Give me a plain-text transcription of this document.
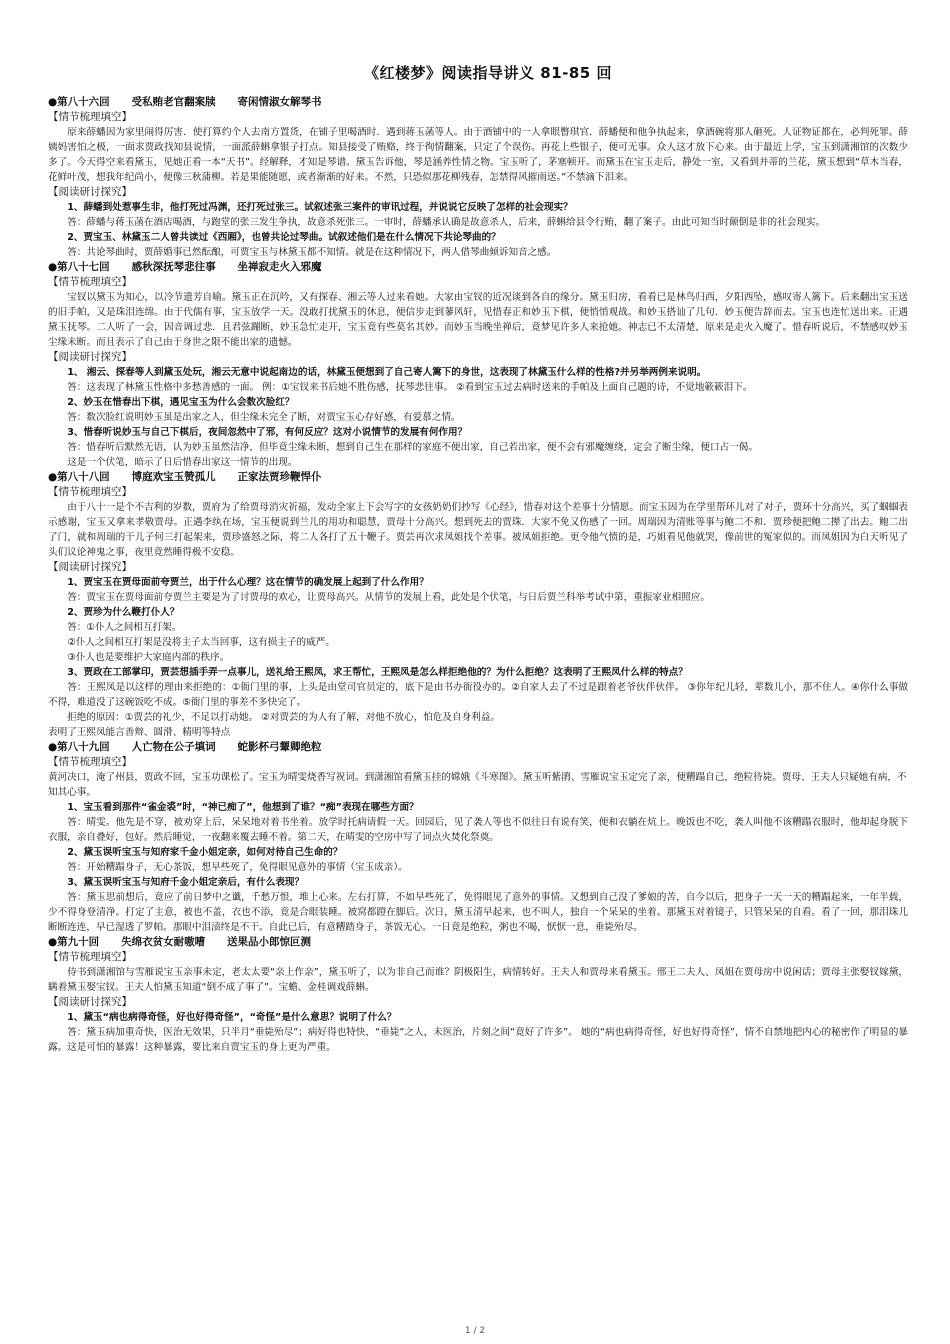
《红楼梦》阅读指导讲义 81-85 回
●第八十六回      受私贿老官翻案牍      寄闲情淑女解琴书
【情节梳理填空】
原来薛蟠因为家里闹得厉害．使打算约个人去南方置货，在铺子里喝酒时．遇到蒋玉菡等人。由于酒铺中的一人拿眼瞥琪官．薛蟠便和他争执起来，拿酒碗将那人砸死。人证物证都在，必判死罪。薛姨妈害怕之极，一面求贾政找知县说情，一面派薛蝌拿银子打点。知县接受了贿赂，终于徇情翻案，只定了个误伤。再花上些银子，便可无事。众人这才放下心来。由于最近上学，宝玉到潇湘馆的次数少多了。今天得空来看黛玉，见她正看一本“天书”。经解释，才知是琴谱。黛玉告诉他，琴是涵养性情之物。宝玉听了，茅塞顿开。而黛玉在宝玉走后，静处一室，又看到并蒂的兰花，黛玉想到“草木当春，花鲜叶茂，想我年纪尚小，便像三秋蒲柳。若是果能随愿，或者渐渐的好来。不然，只恐似那花柳残春，怎禁得风摧雨送。”不禁滴下泪来。
【阅读研讨探究】
1、薛蟠到处惹事生非，他打死过冯渊，还打死过张三。试叙述张三案件的审讯过程，并说说它反映了怎样的社会现实？
答：薛蟠与蒋玉菡在酒店喝酒，与跑堂的张三发生争执，故意杀死张三。一审时，薛蟠承认确是故意杀人，后来，薛蝌给县令行贿，翻了案子。由此可知当时颠倒是非的社会现实。
2、贾宝玉、林黛玉二人曾共读过《西厢》，也曾共论过琴曲。试叙述他们是在什么情况下共论琴曲的？
答：共论琴曲时，贾薛婚事已然酝酿，可贾宝玉与林黛玉都不知情。就是在这种情况下，两人借琴曲倾诉知音之感。
●第八十七回      感秋深抚琴悲往事      坐禅寂走火入邪魔
【情节梳理填空】
宝钗以黛玉为知心，以冷节遗芳自喻。黛玉正在沉吟，又有探春、湘云等人过来看她。大家由宝钗的近况谈到各自的缘分。黛玉归房，看看已是林鸟归西，夕阳西坠，感叹寄人篱下。后来翻出宝玉送的旧手帕，又是珠泪连绵。由于代儒有事，宝玉放学一天。没敢打扰黛玉的休息，便信步走到蓼风轩，见惜春正和妙玉下棋，便悄悄观战。和妙玉搭讪了几句．妙玉便告辞而去。宝玉也连忙送出来。正遇黛玉抚琴。二人听了一会，因音调过悲．且君弦蹦断，妙玉急忙走开，宝玉竟有些莫名其妙。而妙玉当晚坐禅后，竟梦见许多人来抢她。神志已不太清楚，原来是走火入魔了。惜春听说后，不禁感叹妙玉尘缘未断。而且表示了自己由于身世之限不能出家的遗憾。
【阅读研讨探究】
1、 湘云、探春等人到黛玉处玩，湘云无意中说起南边的话，林黛玉便想到了自己寄人篱下的身世，这表现了林黛玉什么样的性格?并另举两例来说明。
答：这表现了林黛玉性格中多愁善感的一面。 例：①宝钗来书后她不胜伤感，抚琴悲往事。 ②看到宝玉过去病时送来的手帕及上面自己题的诗，不觉地簌簌泪下。
2、妙玉在惜春出下棋，遇见宝玉为什么会数次脸红？
答：数次脸红说明妙玉虽是出家之人，但尘缘未完全了断，对贾宝玉心存好感，有爱慕之情。
3、惜春听说妙玉与自己下棋后，夜间忽然中了邪，有何反应？这对小说情节的发展有何作用？
答：惜春听后默然无语，认为妙玉虽然洁净，但毕竟尘缘未断，想到自己生在那样的家庭不便出家，自己若出家，便不会有邪魔缠绕，定会了断尘缘，便口占一偈。
这是一个伏笔，暗示了日后惜春出家这一情节的出现。
●第八十八回      博庭欢宝玉赞孤儿      正家法贾珍鞭悍仆
【情节梳理填空】
由于八十一是个不吉利的岁数，贾府为了给贾母消灾祈福，发动全家上下会写字的女孩奶奶们抄写《心经》，惜春对这个差事十分情愿。而宝玉因为在学里帮环儿对了对子，贾环十分高兴，买了蝈蝈表示感谢，宝玉又拿来孝敬贾母。正遇李纨在场，宝玉便说到兰儿的用功和聪慧，贾母十分高兴。想到死去的贾珠．大家不免又伤感了一回。周瑞因为清账等事与鲍二不和．贾珍便把鲍二撵了出去。鲍二出了门，就和周瑞的干儿子何三打起架来，贾珍盛怒之际，将二人各打了五十鞭子。贾芸再次求凤姐找个差事。被凤姐拒绝。更令他气愤的是，巧姐看见他就哭，像前世的冤家似的。而凤姐因为白天听见了头们议论神鬼之事，夜里竟然睡得极不安稳。
【阅读研讨探究】
1、贾宝玉在贾母面前夸贾兰，出于什么心理？这在情节的确发展上起到了什么作用？
答：贾宝玉在贾母面前夸贾兰主要是为了讨贾母的欢心，让贾母高兴。从情节的发展上看，此处是个伏笔，与日后贾兰科举考试中第，重振家业相照应。
2、贾珍为什么鞭打仆人？
答：①仆人之间相互打架。
②仆人之间相互打架是没将主子太当回事，这有损主子的威严。
③仆人也是要维护大家庭内部的秩序。
3、贾政在工部掌印，贾芸想插手弄一点事儿，送礼给王熙凤，求王帮忙，王熙凤是怎么样拒绝他的？为什么拒绝？这表明了王熙凤什么样的特点？
答：王熙凤是以这样的理由来拒绝的：①衙门里的事，上头是由堂司官员定的，底下是由书办衙役办的。②自家人去了不过是跟着老爷伙伴伙伴。 ③你年纪儿轻，辈数儿小，那不住人。④你什么事做不得，难道没了这碗饭吃不成。⑤衙门里的事差不多快完了。
拒绝的原因：①贾芸的礼少，不足以打动她。 ②对贾芸的为人有了解，对他不放心，怕危及自身利益。
表明了王熙凤能言善辩、圆滑、精明等特点
●第八十九回      人亡物在公子填词      蛇影杯弓颦卿绝粒
【情节梳理填空】
黄河决口，淹了州县，贾政不回，宝玉功课松了。宝玉为晴雯烧香写祝词。到潇湘馆看黛玉挂的嫦娥《斗寒图》。黛玉听紫鹃、雪雁说宝玉定完了亲，便糟蹋自己，绝粒待毙。贾母、王夫人只疑她有病，不知其心事。
1、宝玉看到那件“雀金裘”时，“神已痴了”，他想到了谁？“痴”表现在哪些方面？
答：晴雯。他先是不穿，被劝穿上后，呆呆地对着书坐着。放学时托病请假一天。回园后，见了袭人等也不似往日有说有笑，便和衣躺在炕上。晚饭也不吃，袭人叫他不该糟蹋衣服时，他却起身脱下衣服，亲自叠好，包好。然后睡觉，一夜翻来覆去睡不着。第二天，在晴雯的空房中写了词点火焚化祭奠。
2、黛玉误听宝玉与知府家千金小姐定亲，如何对待自己生命的？
答：开始糟蹋身子，无心茶饭，想早些死了，免得眼见意外的事情（宝玉成亲）。
3、黛玉误听宝玉与知府千金小姐定亲后，有什么表现？
答：黛玉思前想后，竟应了前日梦中之谶，千愁万恨，堆上心来。左右打算，不如早些死了，免得眼见了意外的事情。又想到自己没了爹娘的苦，自今以后，把身子一天一天的糟蹋起来，一年半载，少不得身登清净。打定了主意，被也不盖，衣也不添，竟是合眼装睡。被窝都蹬在脚后。次日，黛玉清早起来，也不叫人，独自一个呆呆的坐着。那黛玉对着镜子，只管呆呆的自看。看了一回，那泪珠儿断断连连，早已湿透了罗帕。那眼中泪渍终是不干。自此已后，有意糟踏身子，茶饭无心。一日竟是绝粒，粥也不喝，恹恹一息，垂毙殆尽。
●第九十回      失绵衣贫女耐嗷嘈      送果品小郎惊叵测
【情节梳理填空】
侍书到潇湘馆与雪雁说宝玉亲事未定，老太太要“亲上作亲”，黛玉听了，以为非自己而谁？阴极阳生，病情转好。王夫人和贾母来看黛玉。邢王二夫人、凤姐在贾母房中说闲话；贾母主张娶钗嫁黛，瞒着黛玉娶宝钗。王夫人怕黛玉知道“倒不成了事了”。宝蟾、金桂调戏薛蝌。
【阅读研讨探究】
1、黛玉“病也病得奇怪，好也好得奇怪”，“奇怪”是什么意思？说明了什么？
答：黛玉病加重奇快，医治无效果，只半月“垂毙殆尽”；病好得也特快，“垂毙”之人，未医治，片刻之间“竟好了许多”。 她的“病也病得奇怪，好也好得奇怪”，情不自禁地把内心的秘密作了明显的暴露。这是可怕的暴露！这种暴露，要比来自贾宝玉的身上更为严重。
1 / 2
